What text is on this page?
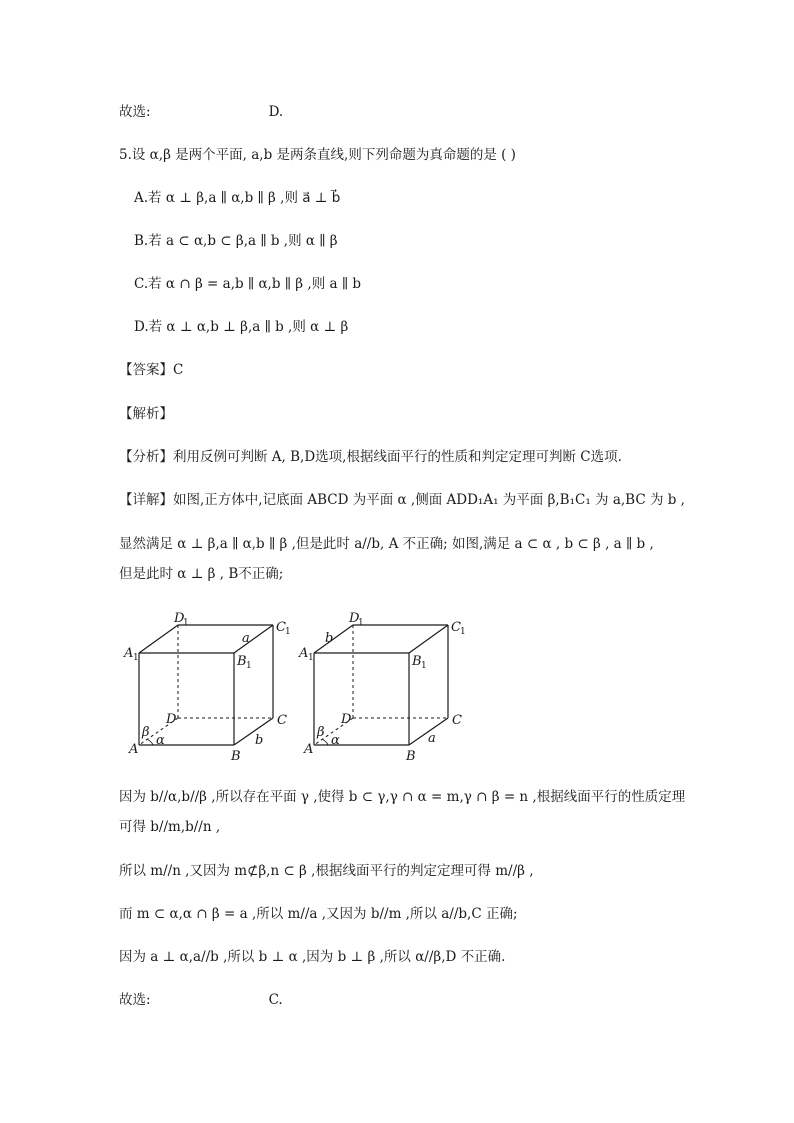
故选:	D.
5.设 α,β 是两个平面, a,b 是两条直线,则下列命题为真命题的是 ( )
A.若 α ⊥ β,a ∥ α,b ∥ β ,则 a⃗ ⊥ b⃗
B.若 a ⊂ α,b ⊂ β,a ∥ b ,则 α ∥ β
C.若 α ∩ β = a,b ∥ α,b ∥ β ,则 a ∥ b
D.若 α ⊥ α,b ⊥ β,a ∥ b ,则 α ⊥ β
【答案】C
【解析】
【分析】利用反例可判断 A, B,D选项,根据线面平行的性质和判定定理可判断 C选项.
【详解】如图,正方体中,记底面 ABCD 为平面 α ,侧面 ADD₁A₁ 为平面 β,B₁C₁ 为 a,BC 为 b ,
显然满足 α ⊥ β,a ∥ α,b ∥ β ,但是此时 a//b, A 不正确; 如图,满足 a ⊂ α , b ⊂ β , a ∥ b ,
但是此时 α ⊥ β , B不正确;
D
1	C 1
A 1	B 1
a
D	C
A	B
b
β
α
D
1	C 1
A 1	B 1
b
D	C
A	B
a
β
α
因为 b//α,b//β ,所以存在平面 γ ,使得 b ⊂ γ,γ ∩ α = m,γ ∩ β = n ,根据线面平行的性质定理
可得 b//m,b//n ,
所以 m//n ,又因为 m⊄β,n ⊂ β ,根据线面平行的判定定理可得 m//β ,
而 m ⊂ α,α ∩ β = a ,所以 m//a ,又因为 b//m ,所以 a//b,C 正确;
因为 a ⊥ α,a//b ,所以 b ⊥ α ,因为 b ⊥ β ,所以 α//β,D 不正确.
故选:	C.
